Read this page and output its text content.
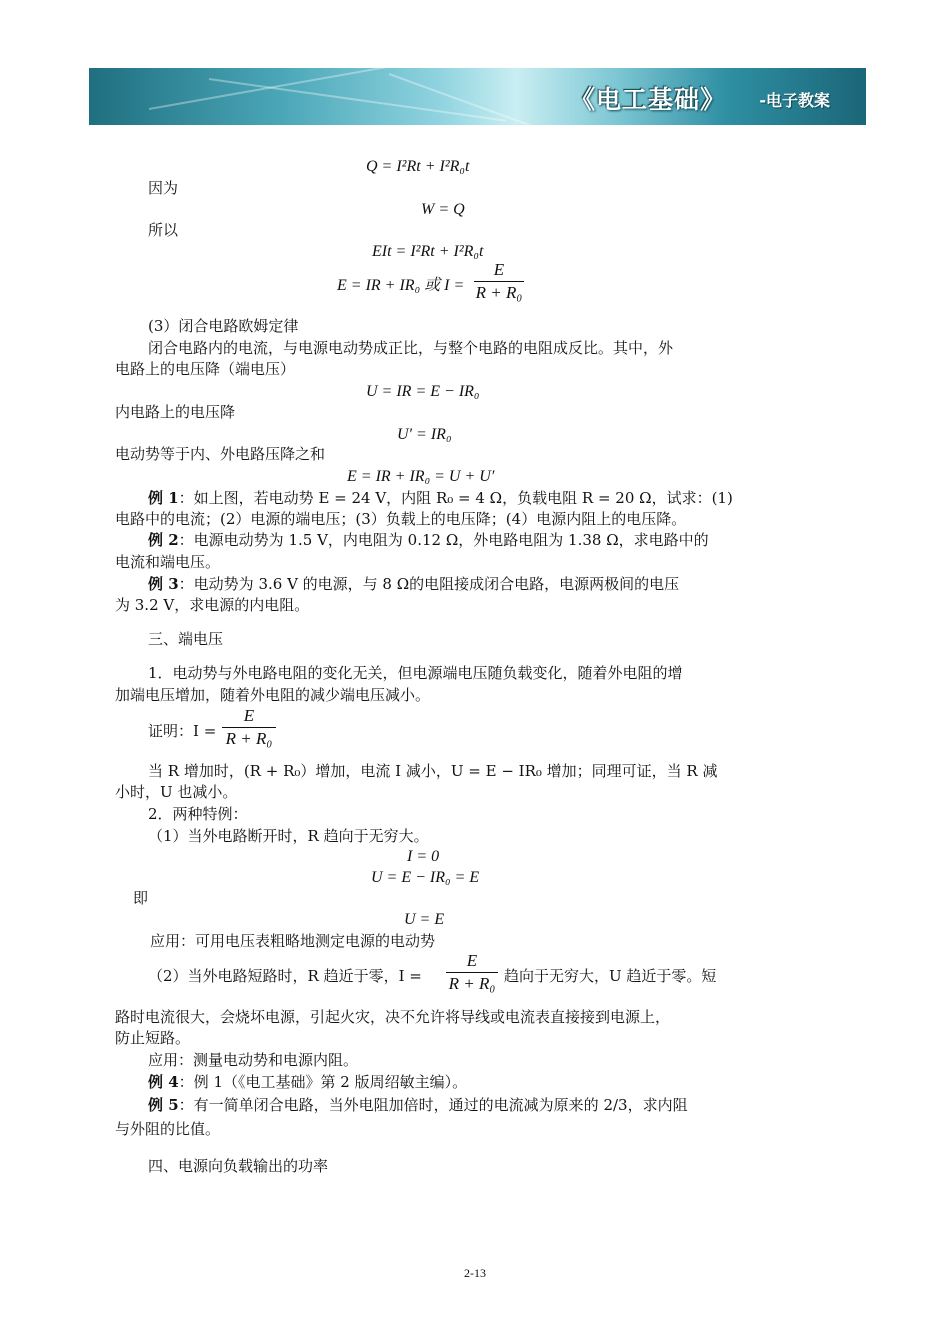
《电工基础》 -电子教案
Q = I²Rt + I²R₀t
因为
W = Q
所以
EIt = I²Rt + I²R₀t
E = IR + IR₀ 或 I =
E
R + R₀
(3）闭合电路欧姆定律
闭合电路内的电流，与电源电动势成正比，与整个电路的电阻成反比。其中，外
电路上的电压降（端电压）
U = IR = E − IR₀
内电路上的电压降
U′ = IR₀
电动势等于内、外电路压降之和
E = IR + IR₀ = U + U′
例 1：如上图，若电动势 E = 24 V，内阻 R₀ = 4 Ω，负载电阻 R = 20 Ω，试求：(1)
电路中的电流；(2）电源的端电压；(3）负载上的电压降；(4）电源内阻上的电压降。
例 2：电源电动势为 1.5 V，内电阻为 0.12 Ω，外电路电阻为 1.38 Ω，求电路中的
电流和端电压。
例 3：电动势为 3.6 V 的电源，与 8 Ω的电阻接成闭合电路，电源两极间的电压
为 3.2 V，求电源的内电阻。
三、端电压
1．电动势与外电路电阻的变化无关，但电源端电压随负载变化，随着外电阻的增
加端电压增加，随着外电阻的减少端电压减小。
证明：I =
E
R + R₀
当 R 增加时，(R + R₀）增加，电流 I 减小，U = E − IR₀ 增加；同理可证，当 R 减
小时，U 也减小。
2．两种特例：
（1）当外电路断开时，R 趋向于无穷大。
I = 0
U = E − IR₀ = E
即
U = E
应用：可用电压表粗略地测定电源的电动势
（2）当外电路短路时，R 趋近于零，I =
E
R + R₀ 趋向于无穷大，U 趋近于零。短
路时电流很大，会烧坏电源，引起火灾，决不允许将导线或电流表直接接到电源上，
防止短路。
应用：测量电动势和电源内阻。
例 4：例 1（《电工基础》第 2 版周绍敏主编）。
例 5：有一简单闭合电路，当外电阻加倍时，通过的电流减为原来的 2/3，求内阻
与外阻的比值。
四、电源向负载输出的功率
2-13
